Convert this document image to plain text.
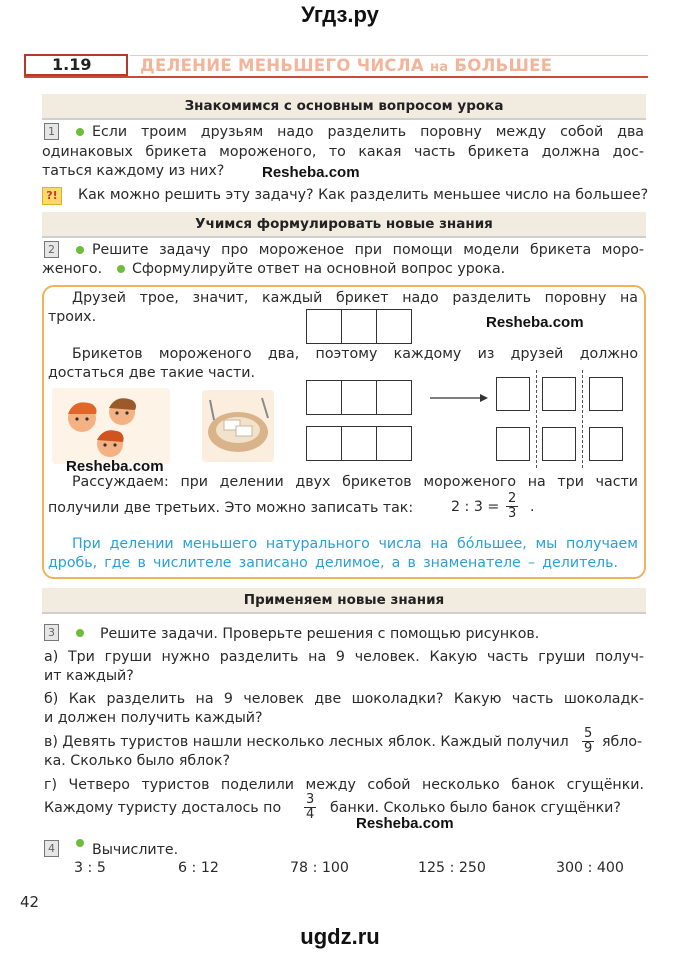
Угдз.ру
1.19	ДЕЛЕНИЕ МЕНЬШЕГО ЧИСЛА на БОЛЬШЕЕ
Знакомимся с основным вопросом урока
1	Если троим друзьям надо разделить поровну между собой два
одинаковых брикета мороженого, то какая часть брикета должна дос-
таться каждому из них?	Resheba.com
?!	Как можно решить эту задачу? Как разделить меньшее число на большее?
Учимся формулировать новые знания
2	Решите задачу про мороженое при помощи модели брикета моро-
женого. Сформулируйте ответ на основной вопрос урока.
Друзей трое, значит, каждый брикет надо разделить поровну на
троих.	Resheba.com
Брикетов мороженого два, поэтому каждому из друзей должно
достаться две такие части.
Resheba.com
Рассуждаем: при делении двух брикетов мороженого на три части
получили две третьих. Это можно записать так:	2 : $3 = \frac{2}{3}$ .
При делении меньшего натурального числа на бо́льшее, мы получаем
дробь, где в числителе записано делимое, а в знаменателе – делитель.
Применяем новые знания
3	Решите задачи. Проверьте решения с помощью рисунков.
а) Три груши нужно разделить на 9 человек. Какую часть груши получ-
ит каждый?
б) Как разделить на 9 человек две шоколадки? Какую часть шоколадк-
и должен получить каждый?
в) Девять туристов нашли несколько лесных яблок. Каждый получил $\frac{5}{9}$ ябло-
ка. Сколько было яблок?
г) Четверо туристов поделили между собой несколько банок сгущёнки.
Каждому туристу досталось по $\frac{3}{4}$ банки. Сколько было банок сгущёнки?
Resheba.com
4	Вычислите.
3 : 5	6 : 12	78 : 100	125 : 250	300 : 400
42
ugdz.ru
